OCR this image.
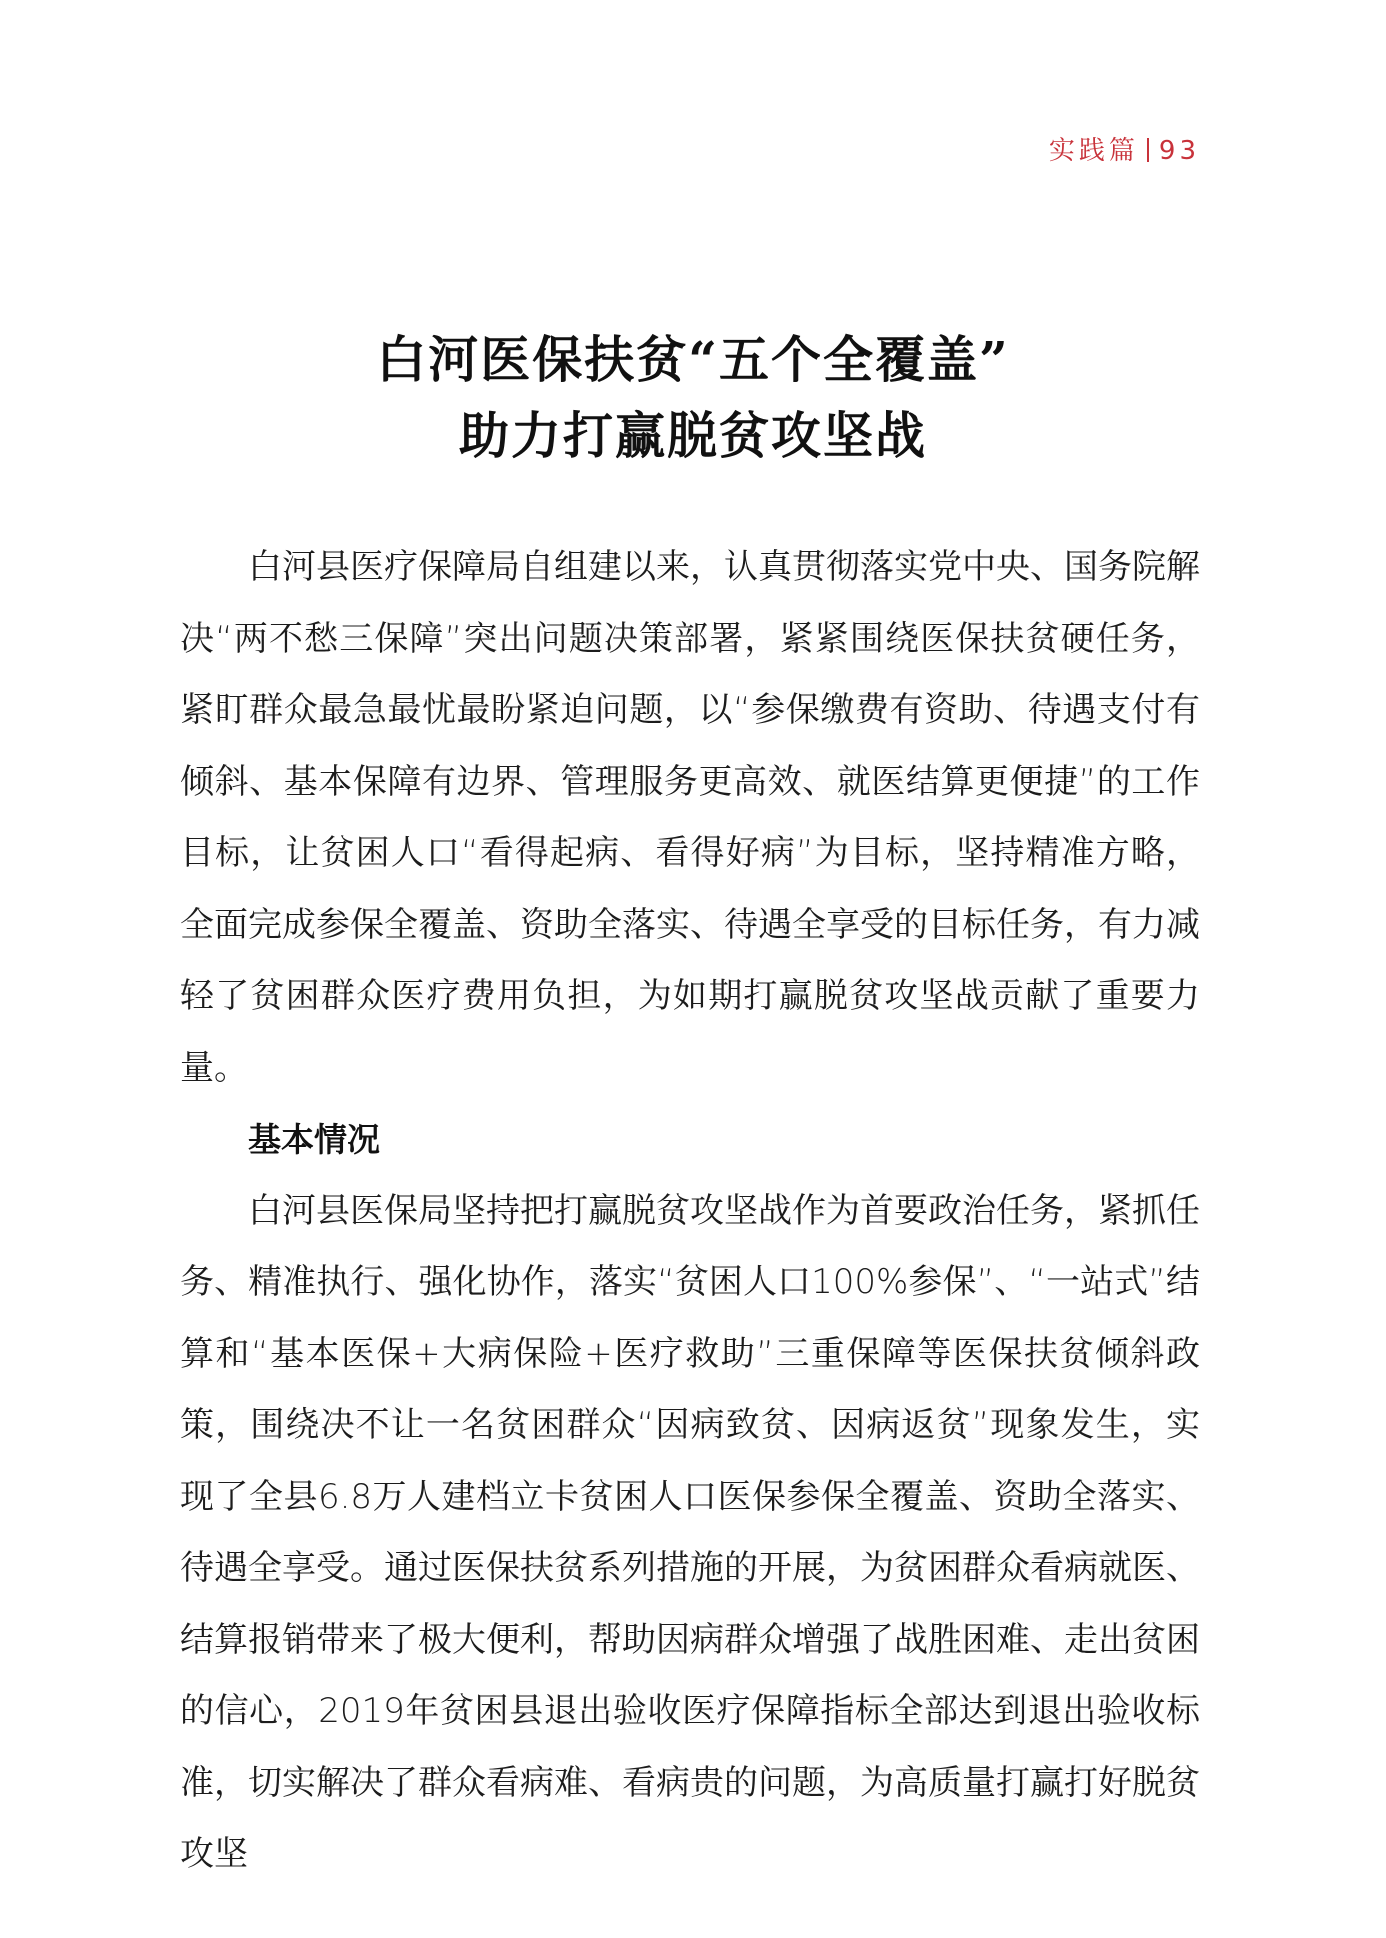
实践篇 93
白河医保扶贫“五个全覆盖”
助力打赢脱贫攻坚战

白河县医疗保障局自组建以来，认真贯彻落实党中央、国务院解决“两不愁三保障”突出问题决策部署，紧紧围绕医保扶贫硬任务，紧盯群众最急最忧最盼紧迫问题，以“参保缴费有资助、待遇支付有倾斜、基本保障有边界、管理服务更高效、就医结算更便捷”的工作目标，让贫困人口“看得起病、看得好病”为目标，坚持精准方略，全面完成参保全覆盖、资助全落实、待遇全享受的目标任务，有力减轻了贫困群众医疗费用负担，为如期打赢脱贫攻坚战贡献了重要力量。

基本情况

白河县医保局坚持把打赢脱贫攻坚战作为首要政治任务，紧抓任务、精准执行、强化协作，落实“贫困人口100%参保”、“一站式”结算和“基本医保+大病保险+医疗救助”三重保障等医保扶贫倾斜政策，围绕决不让一名贫困群众“因病致贫、因病返贫”现象发生，实现了全县6.8万人建档立卡贫困人口医保参保全覆盖、资助全落实、待遇全享受。通过医保扶贫系列措施的开展，为贫困群众看病就医、结算报销带来了极大便利，帮助因病群众增强了战胜困难、走出贫困的信心，2019年贫困县退出验收医疗保障指标全部达到退出验收标准，切实解决了群众看病难、看病贵的问题，为高质量打赢打好脱贫攻坚
